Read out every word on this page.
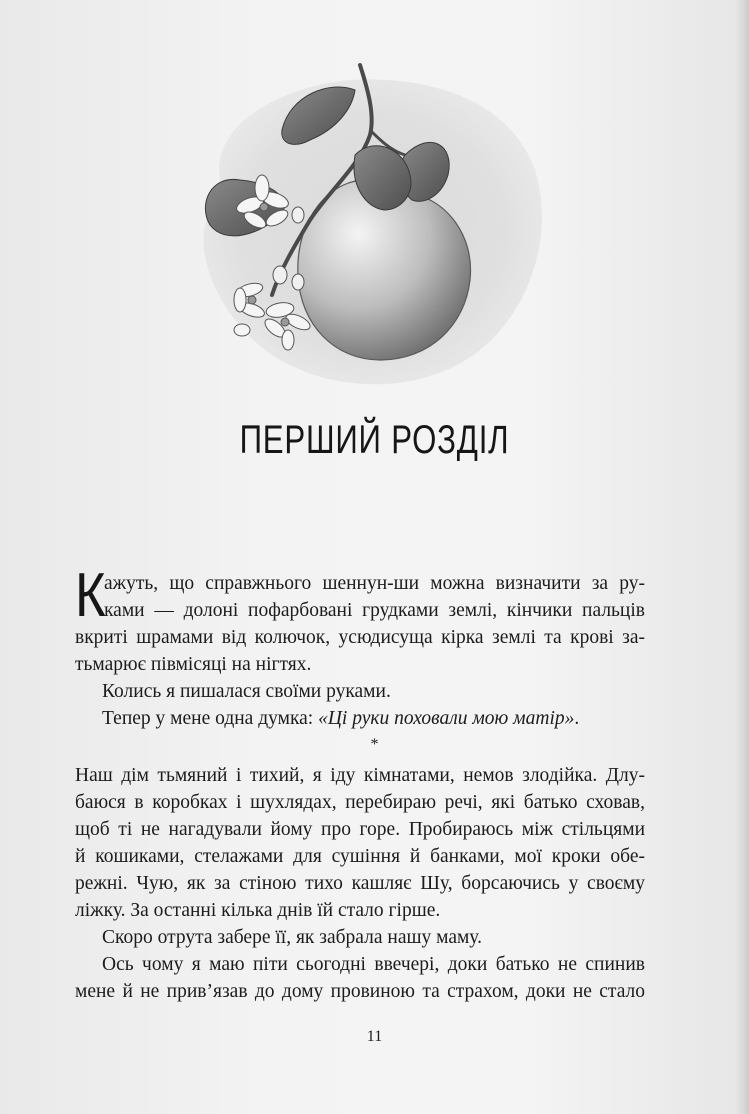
ПЕРШИЙ РОЗДІЛ
К
ажуть, що справжнього шеннун-ши можна визначити за ру-
ками — долоні пофарбовані грудками землі, кінчики пальців
вкриті шрамами від колючок, усюдисуща кірка землі та крові за-
тьмарює півмісяці на нігтях.
Колись я пишалася своїми руками.
Тепер у мене одна думка: «Ці руки поховали мою матір».
*
Наш дім тьмяний і тихий, я іду кімнатами, немов злодійка. Длу-
баюся в коробках і шухлядах, перебираю речі, які батько сховав,
щоб ті не нагадували йому про горе. Пробираюсь між стільцями
й кошиками, стелажами для сушіння й банками, мої кроки обе-
режні. Чую, як за стіною тихо кашляє Шу, борсаючись у своєму
ліжку. За останні кілька днів їй стало гірше.
Скоро отрута забере її, як забрала нашу маму.
Ось чому я маю піти сьогодні ввечері, доки батько не спинив
мене й не прив’язав до дому провиною та страхом, доки не стало
11
